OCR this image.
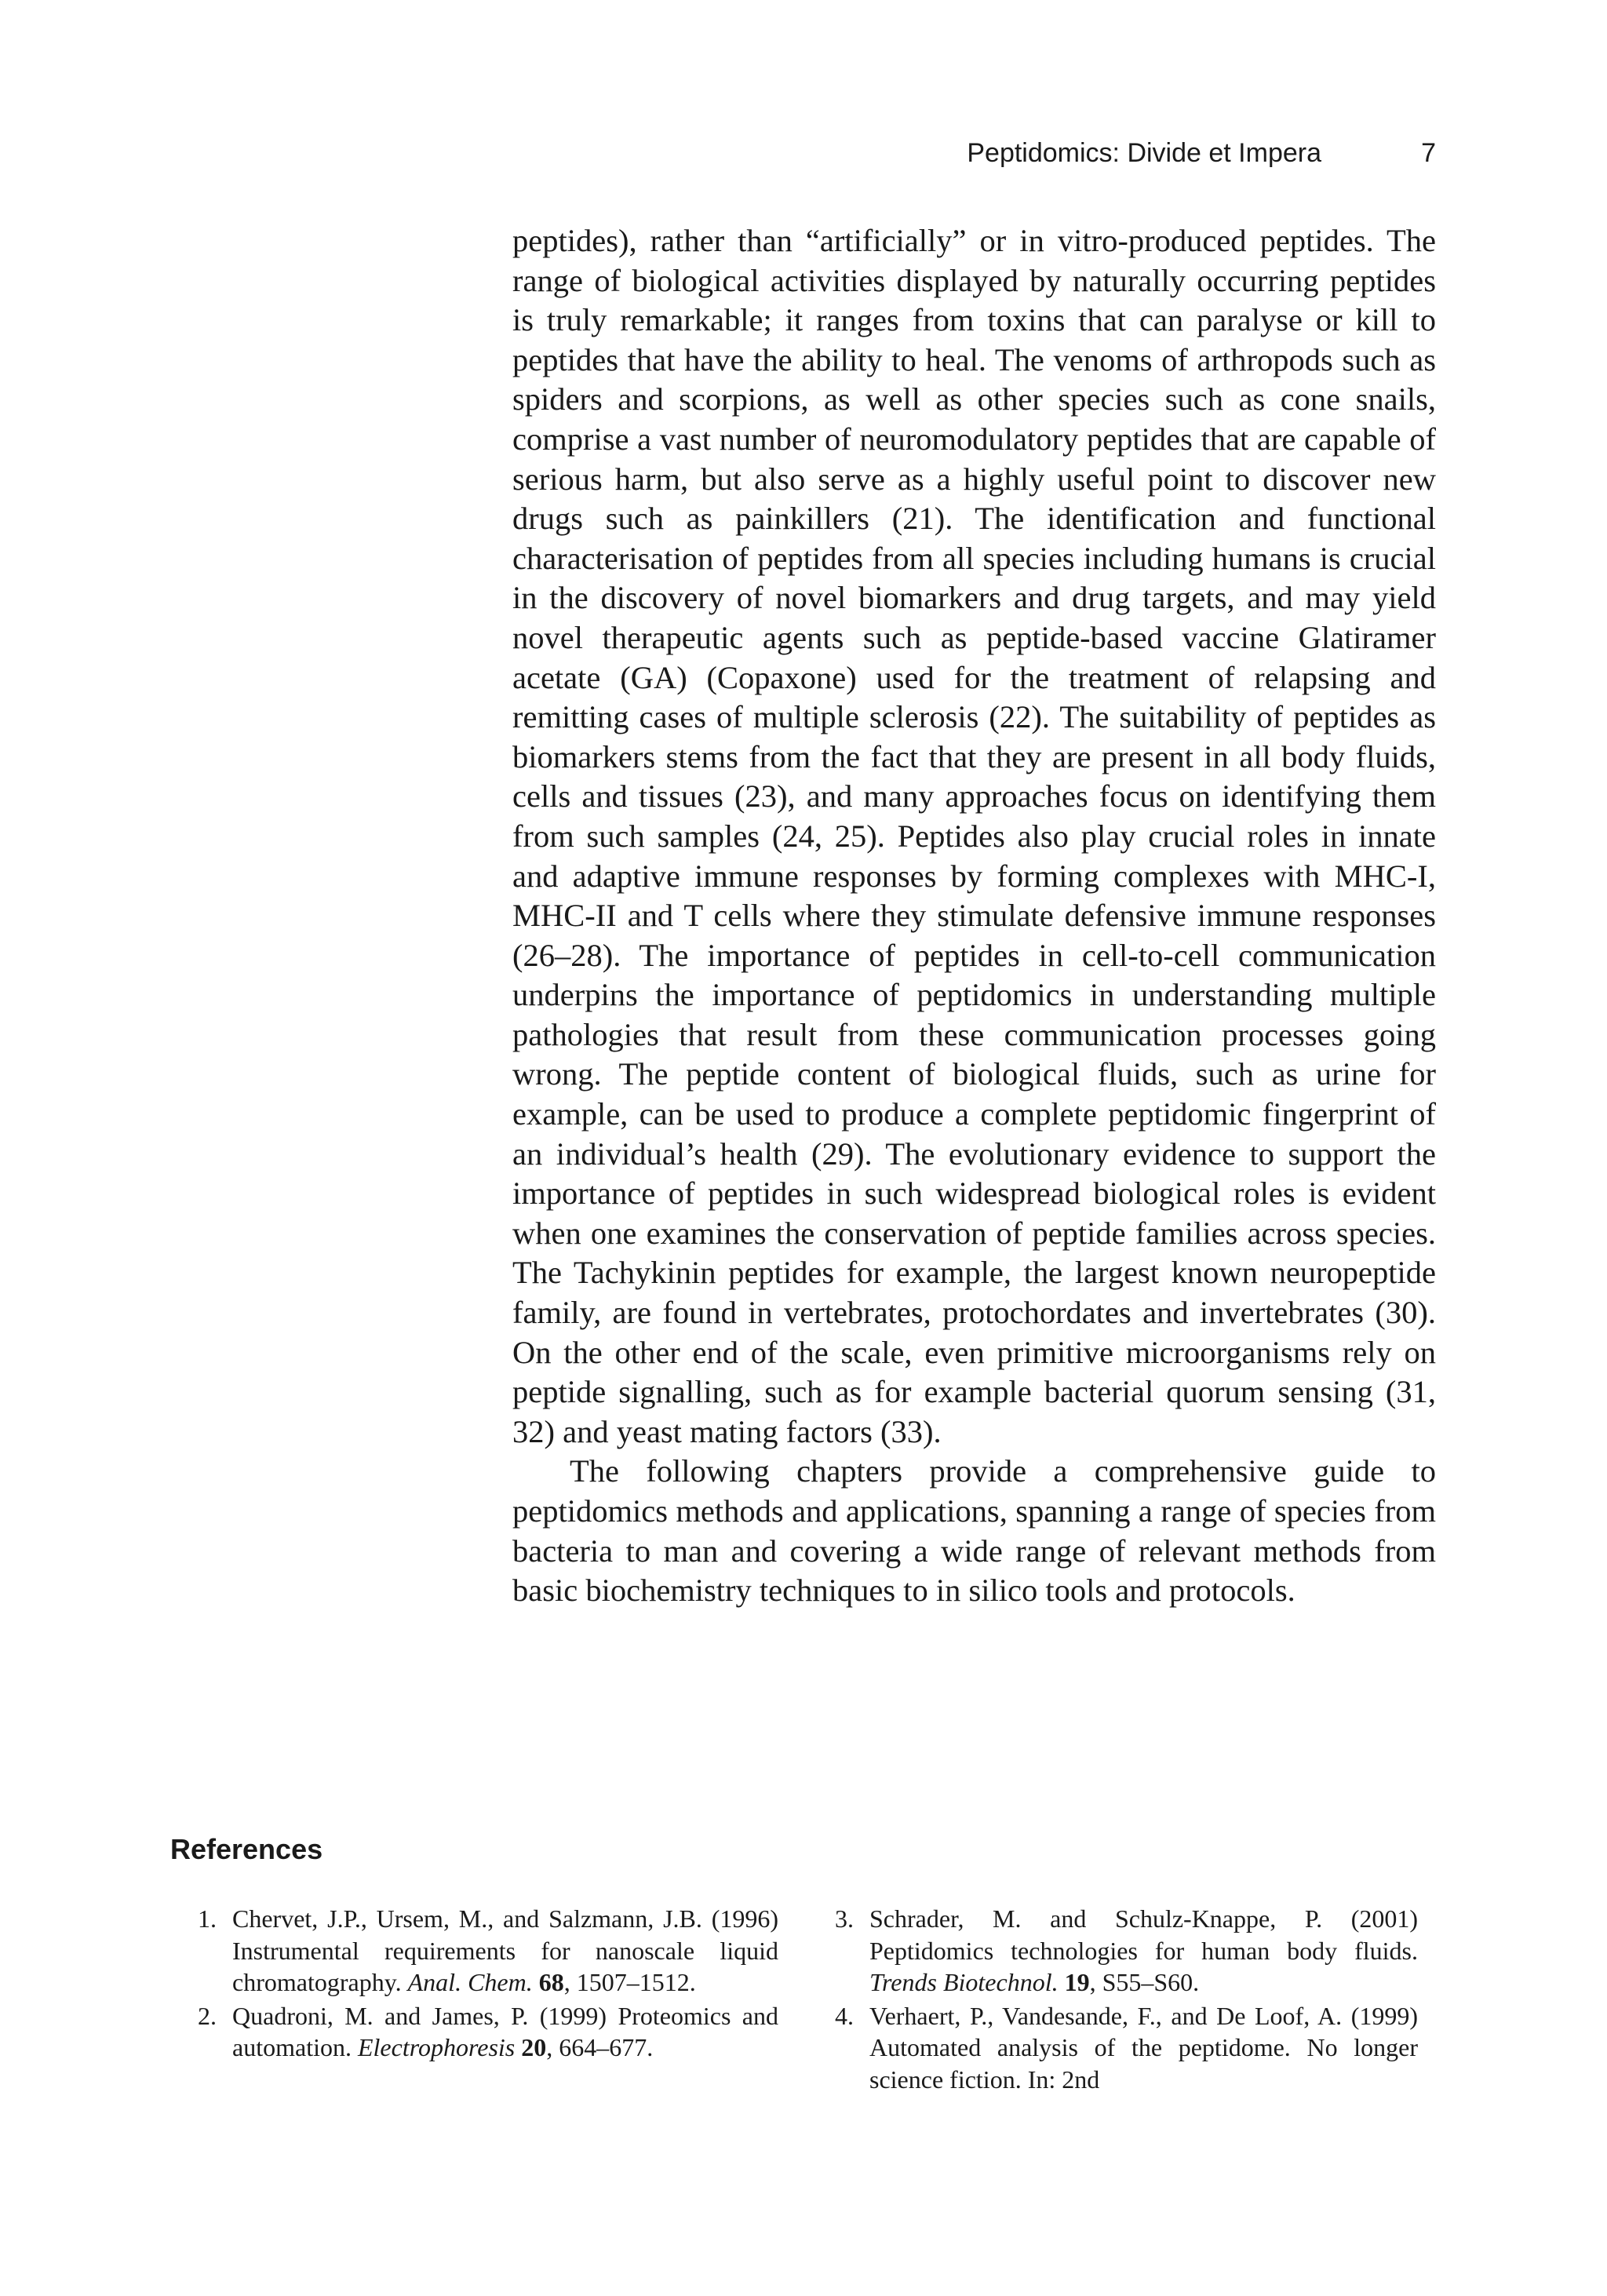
Peptidomics: Divide et Impera	7

peptides), rather than “artificially” or in vitro-produced peptides. The range of biological activities displayed by naturally occurring peptides is truly remarkable; it ranges from toxins that can paralyse or kill to peptides that have the ability to heal. The venoms of arthropods such as spiders and scorpions, as well as other species such as cone snails, comprise a vast number of neuromodulatory peptides that are capable of serious harm, but also serve as a highly useful point to discover new drugs such as painkillers (21). The identification and functional characterisation of peptides from all species including humans is crucial in the discovery of novel biomarkers and drug targets, and may yield novel therapeutic agents such as peptide-based vaccine Glatiramer acetate (GA) (Copaxone) used for the treatment of relapsing and remitting cases of multiple sclerosis (22). The suitability of peptides as biomarkers stems from the fact that they are present in all body fluids, cells and tissues (23), and many approaches focus on identifying them from such samples (24, 25). Peptides also play crucial roles in innate and adaptive immune responses by forming complexes with MHC-I, MHC-II and T cells where they stimulate defensive immune responses (26–28). The importance of peptides in cell-to-cell communication underpins the importance of peptidomics in understanding multiple pathologies that result from these communication processes going wrong. The peptide content of biological fluids, such as urine for example, can be used to produce a complete peptidomic fingerprint of an individual’s health (29). The evolutionary evidence to support the importance of peptides in such widespread biological roles is evident when one examines the conservation of peptide families across species. The Tachykinin peptides for example, the largest known neuropeptide family, are found in vertebrates, protochordates and invertebrates (30). On the other end of the scale, even primitive microorganisms rely on peptide signalling, such as for example bacterial quorum sensing (31, 32) and yeast mating factors (33).

The following chapters provide a comprehensive guide to peptidomics methods and applications, spanning a range of species from bacteria to man and covering a wide range of relevant methods from basic biochemistry techniques to in silico tools and protocols.

References
1. Chervet, J.P., Ursem, M., and Salzmann, J.B. (1996) Instrumental requirements for nanoscale liquid chromatography. Anal. Chem. 68, 1507–1512.
2. Quadroni, M. and James, P. (1999) Proteomics and automation. Electrophoresis 20, 664–677.
3. Schrader, M. and Schulz-Knappe, P. (2001) Peptidomics technologies for human body fluids. Trends Biotechnol. 19, S55–S60.
4. Verhaert, P., Vandesande, F., and De Loof, A. (1999) Automated analysis of the peptidome. No longer science fiction. In: 2nd
